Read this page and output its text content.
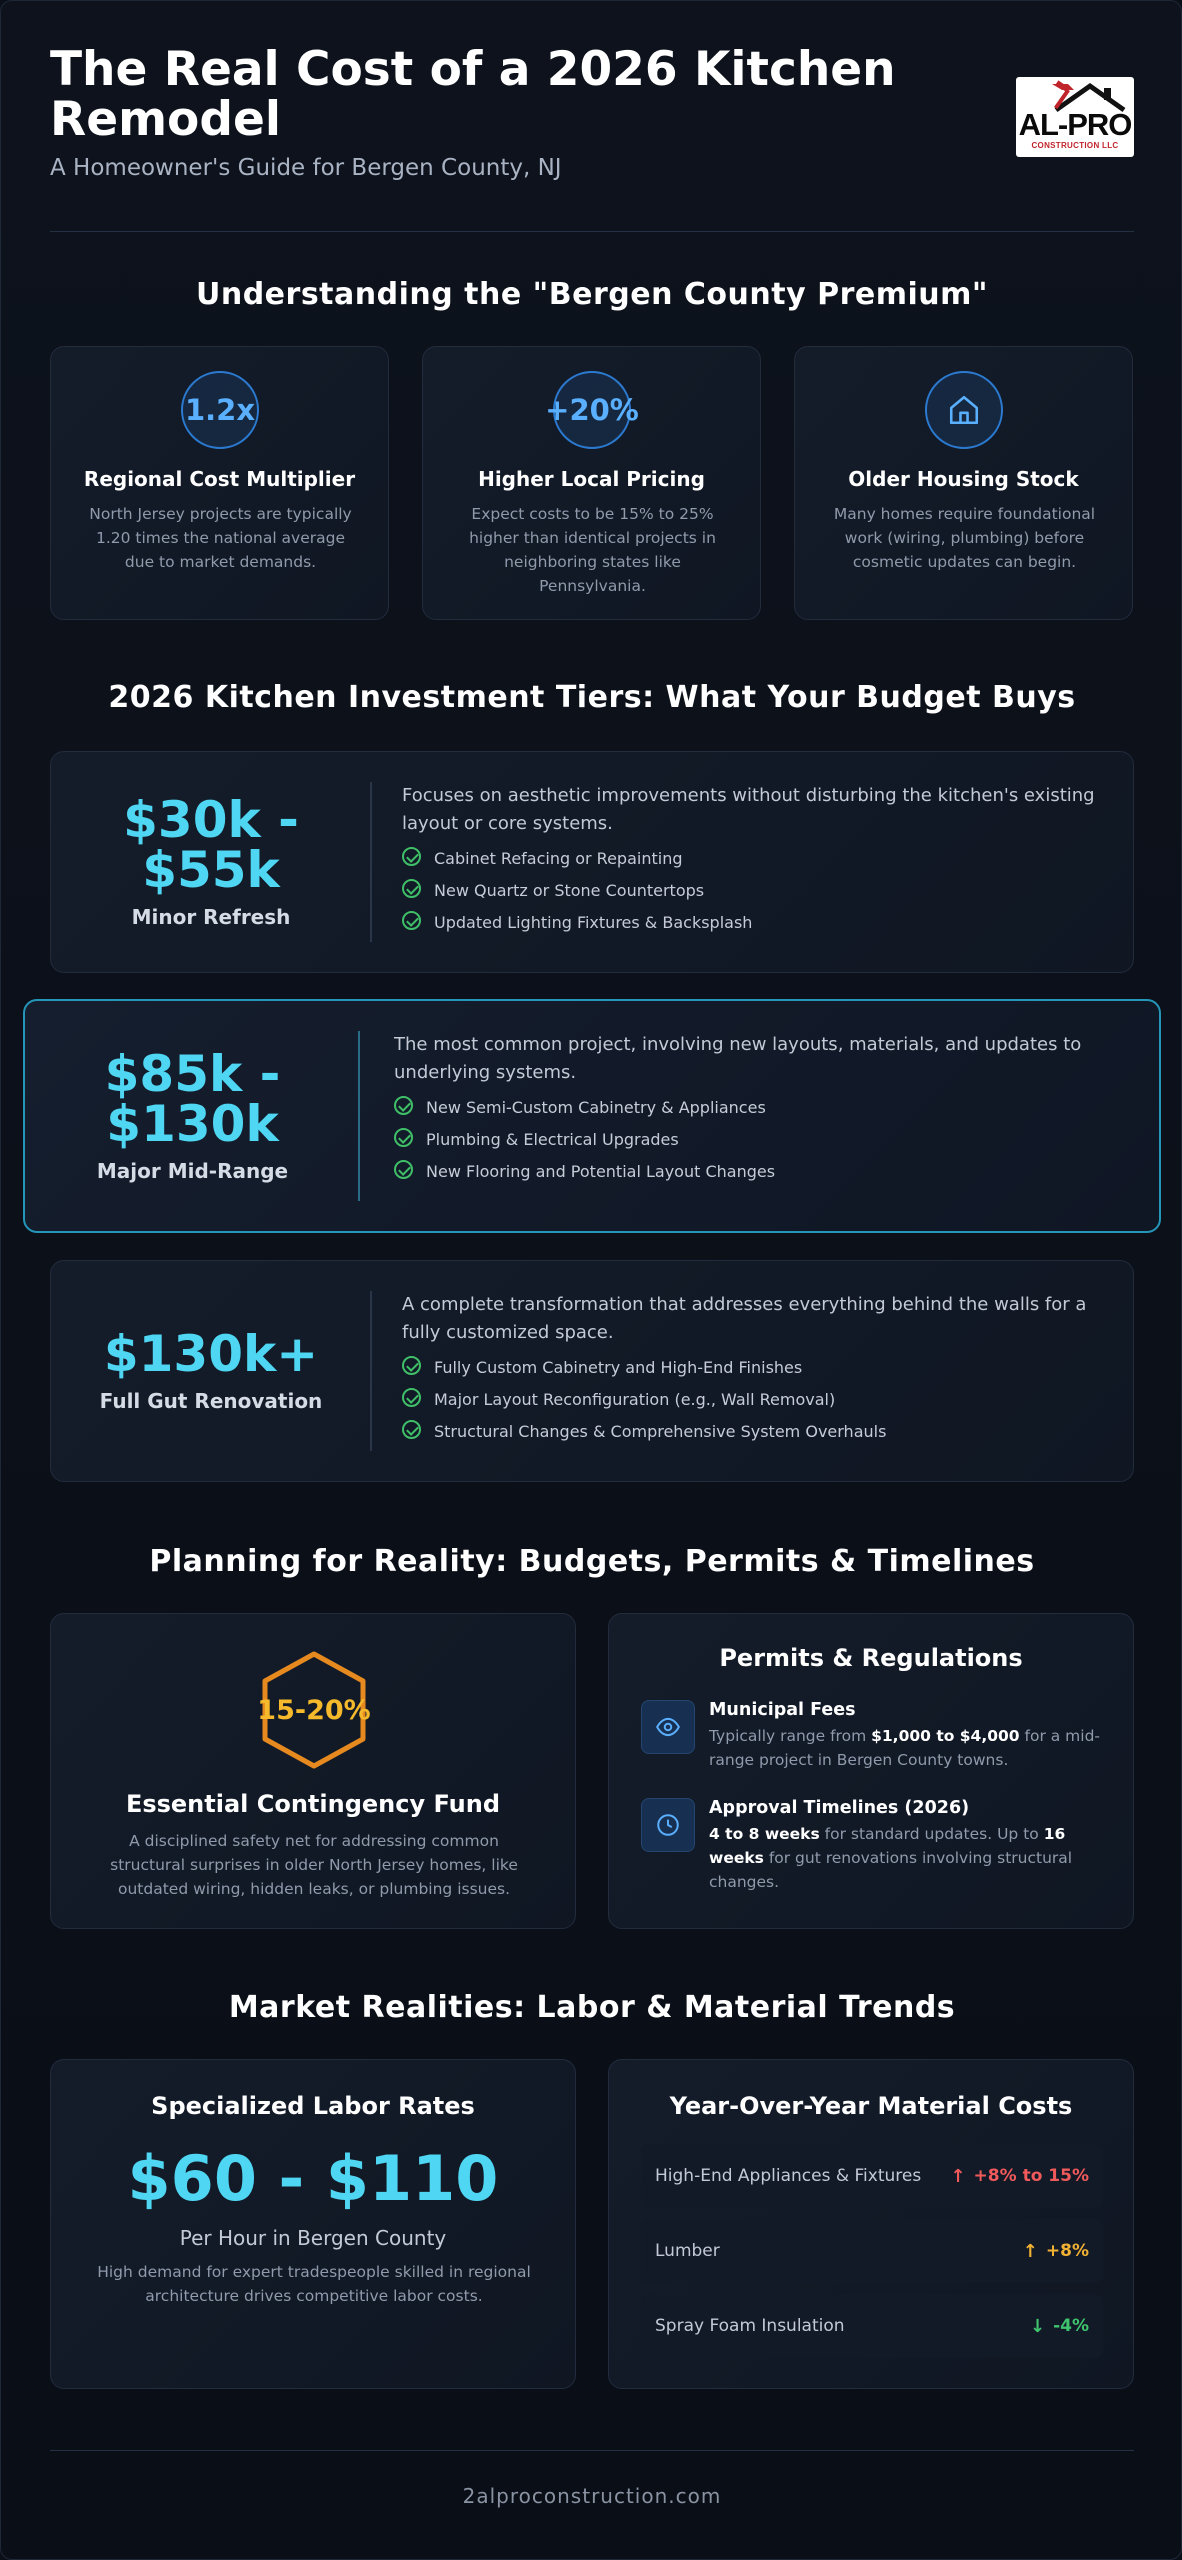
The Real Cost of a 2026 Kitchen Remodel
A Homeowner's Guide for Bergen County, NJ
AL-PRO
CONSTRUCTION LLC
Understanding the "Bergen County Premium"
1.2x
Regional Cost Multiplier
North Jersey projects are typically 1.20 times the national average due to market demands.
+20%
Higher Local Pricing
Expect costs to be 15% to 25% higher than identical projects in neighboring states like Pennsylvania.
Older Housing Stock
Many homes require foundational work (wiring, plumbing) before cosmetic updates can begin.
2026 Kitchen Investment Tiers: What Your Budget Buys
$30k - $55k
Minor Refresh
Focuses on aesthetic improvements without disturbing the kitchen's existing layout or core systems.
Cabinet Refacing or Repainting
New Quartz or Stone Countertops
Updated Lighting Fixtures & Backsplash
$85k - $130k
Major Mid-Range
The most common project, involving new layouts, materials, and updates to underlying systems.
New Semi-Custom Cabinetry & Appliances
Plumbing & Electrical Upgrades
New Flooring and Potential Layout Changes
$130k+
Full Gut Renovation
A complete transformation that addresses everything behind the walls for a fully customized space.
Fully Custom Cabinetry and High-End Finishes
Major Layout Reconfiguration (e.g., Wall Removal)
Structural Changes & Comprehensive System Overhauls
Planning for Reality: Budgets, Permits & Timelines
15-20%
Essential Contingency Fund
A disciplined safety net for addressing common structural surprises in older North Jersey homes, like outdated wiring, hidden leaks, or plumbing issues.
Permits & Regulations
Municipal Fees
Typically range from $1,000 to $4,000 for a mid-range project in Bergen County towns.
Approval Timelines (2026)
4 to 8 weeks for standard updates. Up to 16 weeks for gut renovations involving structural changes.
Market Realities: Labor & Material Trends
Specialized Labor Rates
$60 - $110
Per Hour in Bergen County
High demand for expert tradespeople skilled in regional architecture drives competitive labor costs.
Year-Over-Year Material Costs
High-End Appliances & Fixtures ↑ +8% to 15%
Lumber	↑ +8%
Spray Foam Insulation	↓ -4%
2alproconstruction.com
